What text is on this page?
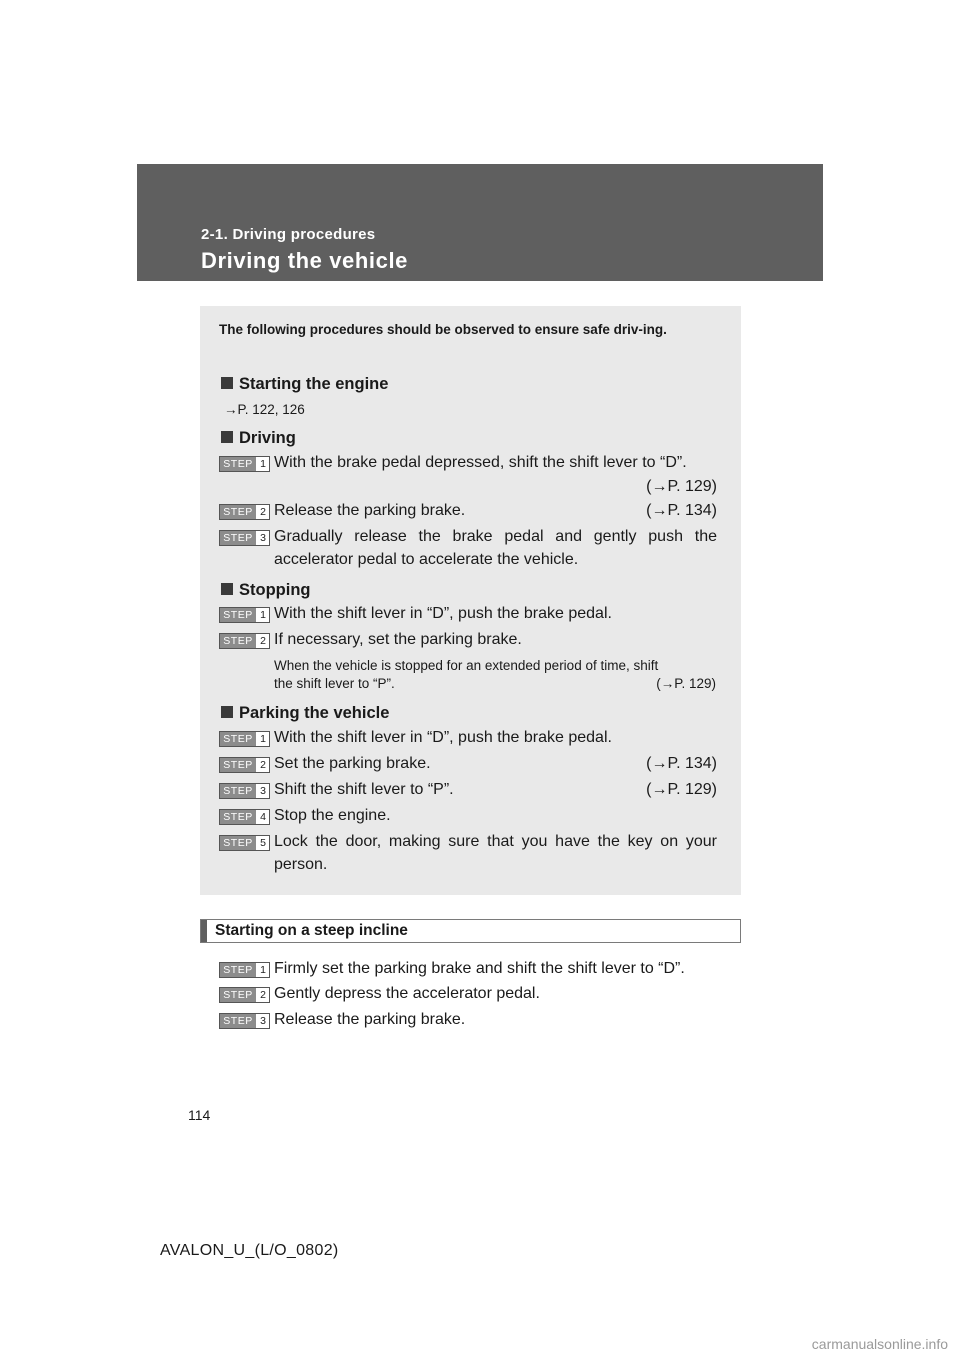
2-1. Driving procedures
Driving the vehicle
The following procedures should be observed to ensure safe driv-ing.
Starting the engine
→P. 122, 126
Driving
STEP 1 With the brake pedal depressed, shift the shift lever to “D”.
(→P. 129)
STEP 2 Release the parking brake.	(→P. 134)
STEP 3 Gradually release the brake pedal and gently push the
accelerator pedal to accelerate the vehicle.
Stopping
STEP 1 With the shift lever in “D”, push the brake pedal.
STEP 2 If necessary, set the parking brake.
When the vehicle is stopped for an extended period of time, shift
the shift lever to “P”.	(→P. 129)
Parking the vehicle
STEP 1 With the shift lever in “D”, push the brake pedal.
STEP 2 Set the parking brake.	(→P. 134)
STEP 3 Shift the shift lever to “P”.	(→P. 129)
STEP 4 Stop the engine.
STEP 5 Lock the door, making sure that you have the key on your
person.
Starting on a steep incline
STEP 1 Firmly set the parking brake and shift the shift lever to “D”.
STEP 2 Gently depress the accelerator pedal.
STEP 3 Release the parking brake.
114
AVALON_U_(L/O_0802)
carmanualsonline.info
